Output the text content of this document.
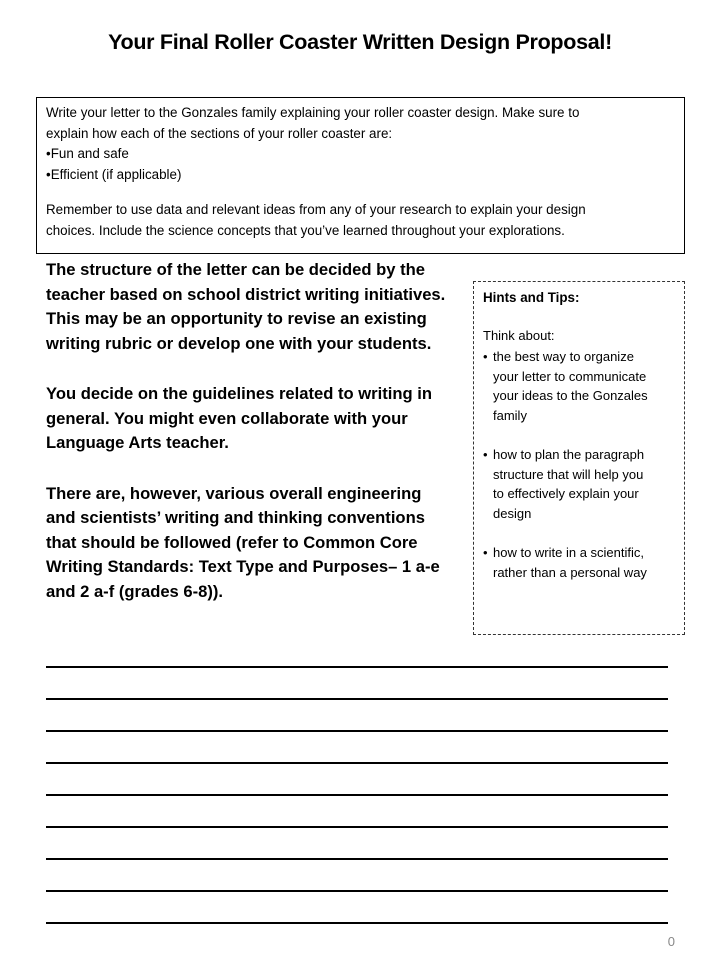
Your Final Roller Coaster Written Design Proposal!
Write your letter to the Gonzales family explaining your roller coaster design. Make sure to
explain how each of the sections of your roller coaster are:
•Fun and safe
•Efficient (if applicable)
Remember to use data and relevant ideas from any of your research to explain your design
choices. Include the science concepts that you’ve learned throughout your explorations.

The structure of the letter can be decided by the
teacher based on school district writing initiatives.
This may be an opportunity to revise an existing
writing rubric or develop one with your students.

You decide on the guidelines related to writing in
general. You might even collaborate with your
Language Arts teacher.

There are, however, various overall engineering
and scientists’ writing and thinking conventions
that should be followed (refer to Common Core
Writing Standards: Text Type and Purposes– 1 a-e
and 2 a-f (grades 6-8)).

Hints and Tips:
Think about:
• the best way to organize
your letter to communicate
your ideas to the Gonzales
family
• how to plan the paragraph
structure that will help you
to effectively explain your
design
• how to write in a scientific,
rather than a personal way
0
